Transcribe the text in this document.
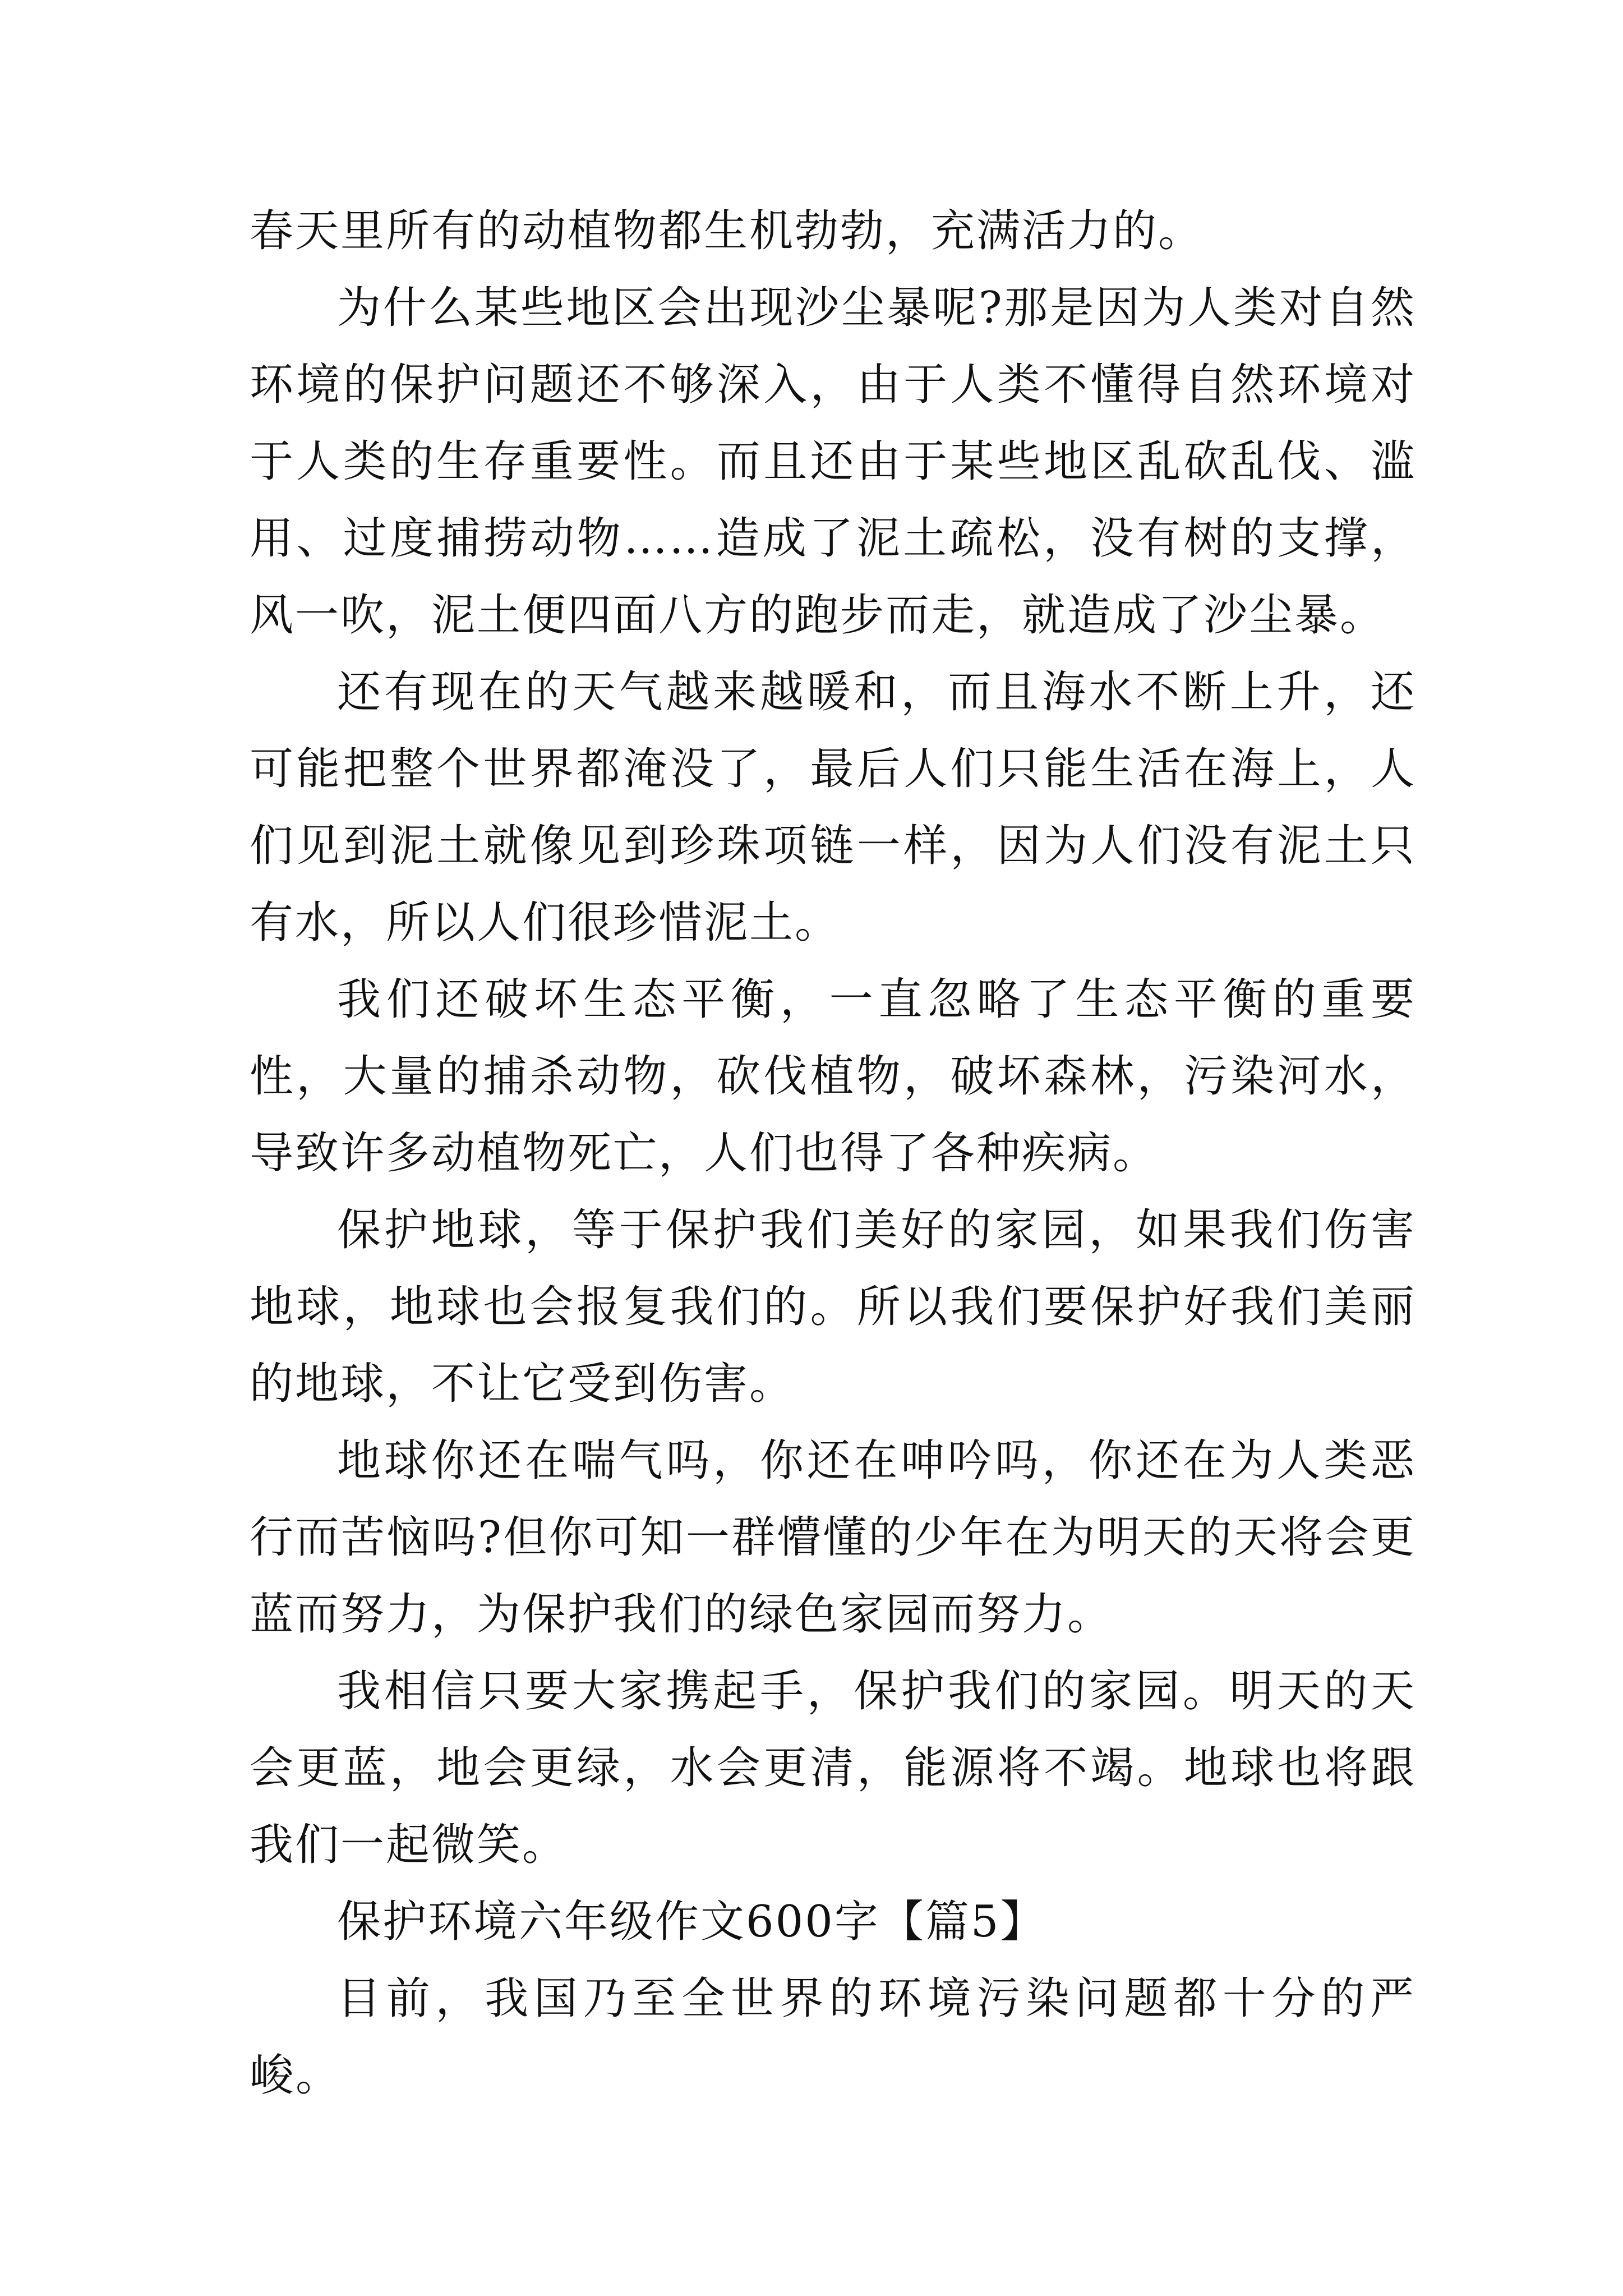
春天里所有的动植物都生机勃勃，充满活力的。

为什么某些地区会出现沙尘暴呢?那是因为人类对自然环境的保护问题还不够深入，由于人类不懂得自然环境对于人类的生存重要性。而且还由于某些地区乱砍乱伐、滥用、过度捕捞动物……造成了泥土疏松，没有树的支撑，风一吹，泥土便四面八方的跑步而走，就造成了沙尘暴。

还有现在的天气越来越暖和，而且海水不断上升，还可能把整个世界都淹没了，最后人们只能生活在海上，人们见到泥土就像见到珍珠项链一样，因为人们没有泥土只有水，所以人们很珍惜泥土。

我们还破坏生态平衡，一直忽略了生态平衡的重要性，大量的捕杀动物，砍伐植物，破坏森林，污染河水，导致许多动植物死亡，人们也得了各种疾病。

保护地球，等于保护我们美好的家园，如果我们伤害地球，地球也会报复我们的。所以我们要保护好我们美丽的地球，不让它受到伤害。

地球你还在喘气吗，你还在呻吟吗，你还在为人类恶行而苦恼吗?但你可知一群懵懂的少年在为明天的天将会更蓝而努力，为保护我们的绿色家园而努力。

我相信只要大家携起手，保护我们的家园。明天的天会更蓝，地会更绿，水会更清，能源将不竭。地球也将跟我们一起微笑。

保护环境六年级作文600字【篇5】

目前，我国乃至全世界的环境污染问题都十分的严峻。
